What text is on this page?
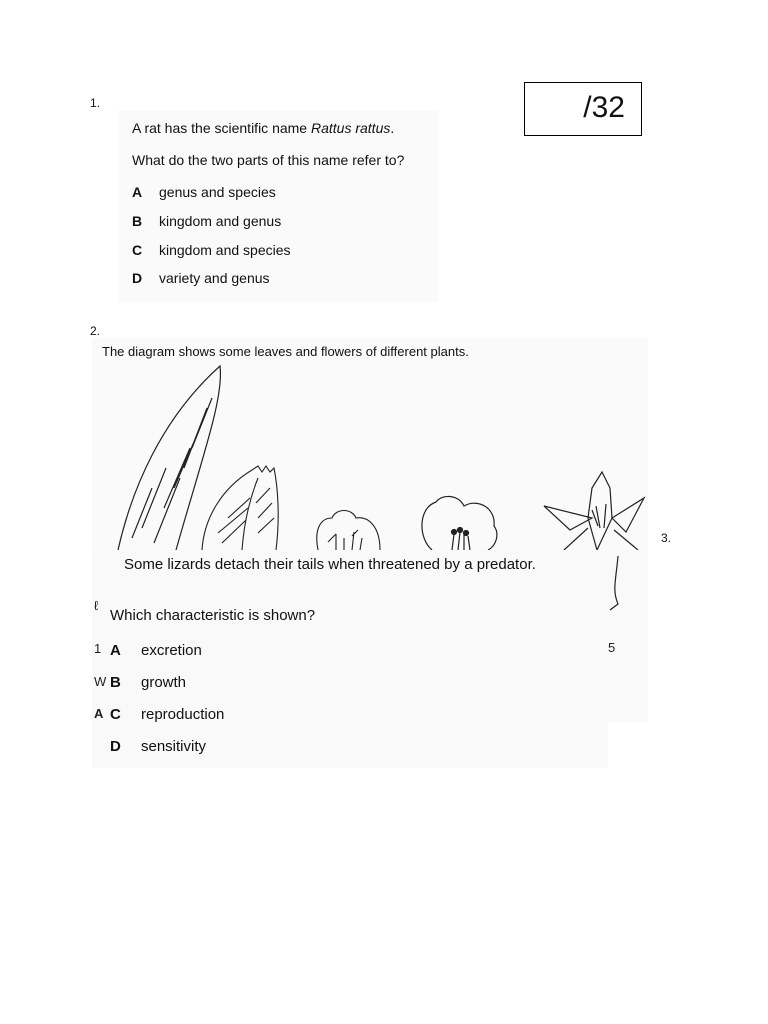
/32
1.
A rat has the scientific name Rattus rattus.
What do the two parts of this name refer to?
A genus and species
B kingdom and genus
C kingdom and species
D variety and genus
2.
The diagram shows some leaves and flowers of different plants.
5
3.
Some lizards detach their tails when threatened by a predator.
ℓ
Which characteristic is shown?
1
W
A
A excretion
B growth
C reproduction
D sensitivity
